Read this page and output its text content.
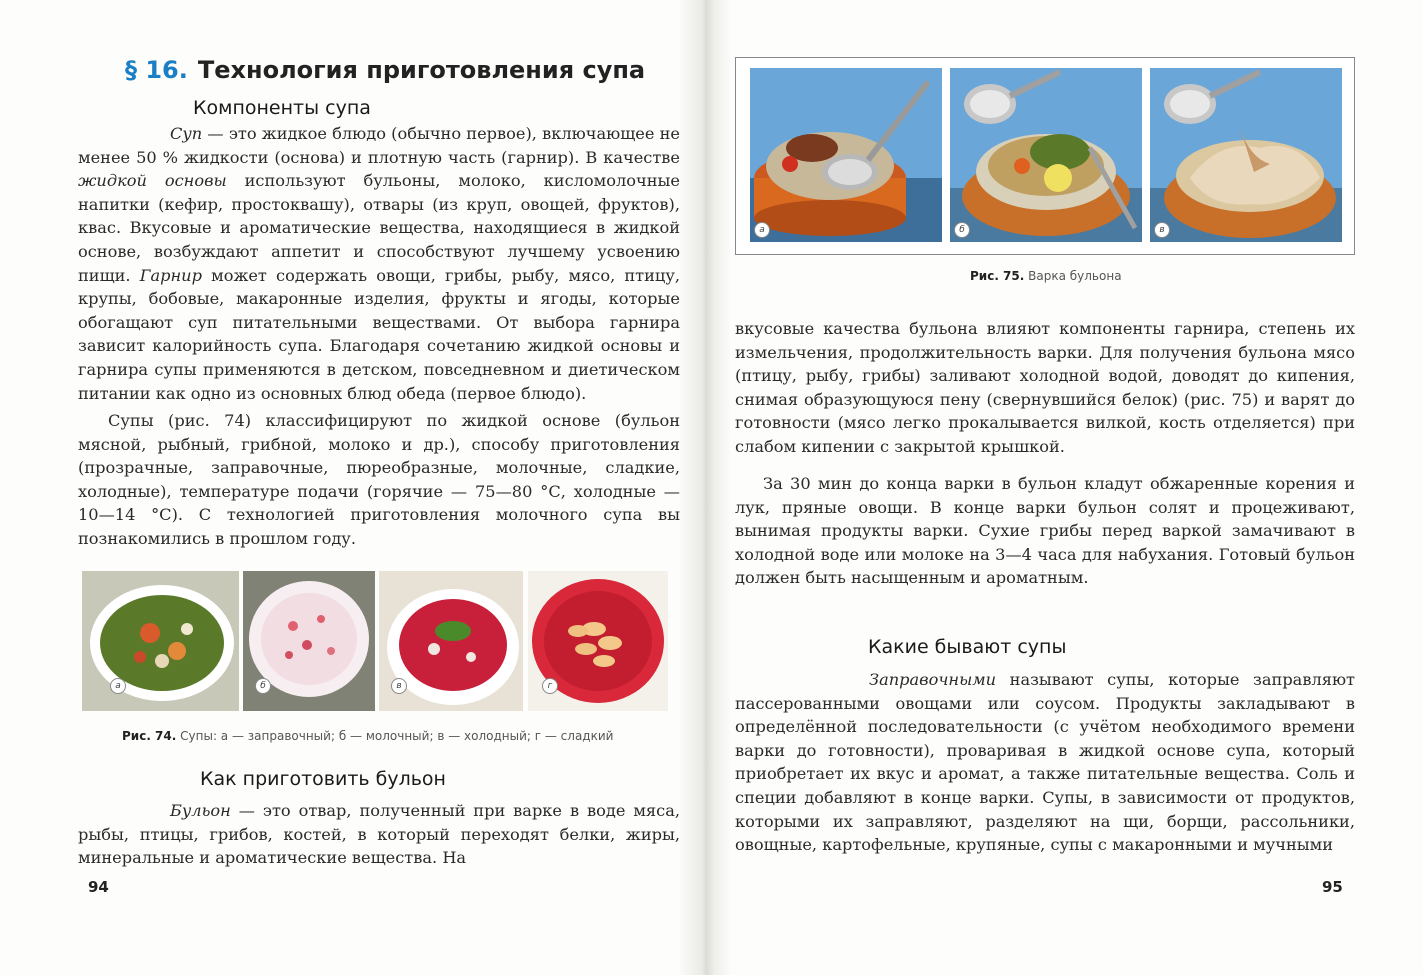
§ 16. Технология приготовления супа
Компоненты супа

Суп — это жидкое блюдо (обычно первое), включающее не менее 50 % жидкости (основа) и плотную часть (гарнир). В качестве жидкой основы используют бульоны, молоко, кисломолочные напитки (кефир, простоквашу), отвары (из круп, овощей, фруктов), квас. Вкусовые и ароматические вещества, находящиеся в жидкой основе, возбуждают аппетит и способствуют лучшему усвоению пищи. Гарнир может содержать овощи, грибы, рыбу, мясо, птицу, крупы, бобовые, макаронные изделия, фрукты и ягоды, которые обогащают суп питательными веществами. От выбора гарнира зависит калорийность супа. Благодаря сочетанию жидкой основы и гарнира супы применяются в детском, повседневном и диетическом питании как одно из основных блюд обеда (первое блюдо).

Супы (рис. 74) классифицируют по жидкой основе (бульон мясной, рыбный, грибной, молоко и др.), способу приготовления (прозрачные, заправочные, пюреобразные, молочные, сладкие, холодные), температуре подачи (горячие — 75—80 °С, холодные — 10—14 °С). С технологией приготовления молочного супа вы познакомились в прошлом году.

а	б	в	г
Рис. 74. Супы: а — заправочный; б — молочный; в — холодный; г — сладкий
Как приготовить бульон

Бульон — это отвар, полученный при варке в воде мяса, рыбы, птицы, грибов, костей, в который переходят белки, жиры, минеральные и ароматические вещества. На

94
а	б	в
Рис. 75. Варка бульона

вкусовые качества бульона влияют компоненты гарнира, степень их измельчения, продолжительность варки. Для получения бульона мясо (птицу, рыбу, грибы) заливают холодной водой, доводят до кипения, снимая образующуюся пену (свернувшийся белок) (рис. 75) и варят до готовности (мясо легко прокалывается вилкой, кость отделяется) при слабом кипении с закрытой крышкой.

За 30 мин до конца варки в бульон кладут обжаренные корения и лук, пряные овощи. В конце варки бульон солят и процеживают, вынимая продукты варки. Сухие грибы перед варкой замачивают в холодной воде или молоке на 3—4 часа для набухания. Готовый бульон должен быть насыщенным и ароматным.

Какие бывают супы

Заправочными называют супы, которые заправляют пассерованными овощами или соусом. Продукты закладывают в определённой последовательности (с учётом необходимого времени варки до готовности), проваривая в жидкой основе супа, который приобретает их вкус и аромат, а также питательные вещества. Соль и специи добавляют в конце варки. Супы, в зависимости от продуктов, которыми их заправляют, разделяют на щи, борщи, рассольники, овощные, картофельные, крупяные, супы с макаронными и мучными

95
